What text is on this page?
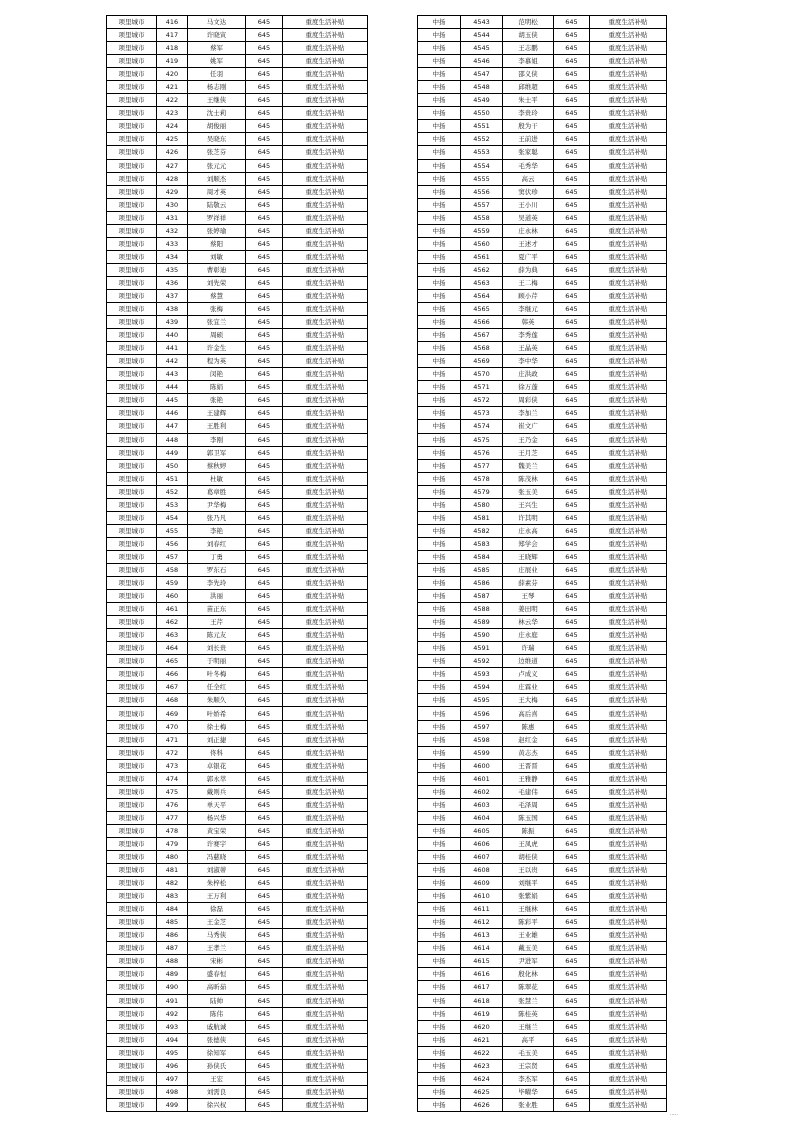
项里城市	416	马文达	645	重度生活补贴
项里城市	417	许晓寅	645	重度生活补贴
项里城市	418	蔡军	645	重度生活补贴
项里城市	419	姚军	645	重度生活补贴
项里城市	420	任羽	645	重度生活补贴
项里城市	421	杨志刚	645	重度生活补贴
项里城市	422	王继侠	645	重度生活补贴
项里城市	423	沈士莉	645	重度生活补贴
项里城市	424	胡俊丽	645	重度生活补贴
项里城市	425	吴晓东	645	重度生活补贴
项里城市	426	张芝芬	645	重度生活补贴
项里城市	427	张元元	645	重度生活补贴
项里城市	428	刘顺杰	645	重度生活补贴
项里城市	429	周才英	645	重度生活补贴
项里城市	430	陆敬云	645	重度生活补贴
项里城市	431	罗祥祥	645	重度生活补贴
项里城市	432	张婷瑜	645	重度生活补贴
项里城市	433	蔡阳	645	重度生活补贴
项里城市	434	刘敏	645	重度生活补贴
项里城市	435	曹彰迪	645	重度生活补贴
项里城市	436	刘先荣	645	重度生活补贴
项里城市	437	蔡慧	645	重度生活补贴
项里城市	438	张梅	645	重度生活补贴
项里城市	439	张宜兰	645	重度生活补贴
项里城市	440	周硕	645	重度生活补贴
项里城市	441	许金生	645	重度生活补贴
项里城市	442	程为英	645	重度生活补贴
项里城市	443	闵艳	645	重度生活补贴
项里城市	444	陈娟	645	重度生活补贴
项里城市	445	张艳	645	重度生活补贴
项里城市	446	王建辉	645	重度生活补贴
项里城市	447	王胜利	645	重度生活补贴
项里城市	448	李刚	645	重度生活补贴
项里城市	449	郭卫军	645	重度生活补贴
项里城市	450	蔡秋婷	645	重度生活补贴
项里城市	451	杜敏	645	重度生活补贴
项里城市	452	葛章胜	645	重度生活补贴
项里城市	453	尹华梅	645	重度生活补贴
项里城市	454	张乃凡	645	重度生活补贴
项里城市	455	李艳	645	重度生活补贴
项里城市	456	刘春红	645	重度生活补贴
项里城市	457	丁勇	645	重度生活补贴
项里城市	458	罗东石	645	重度生活补贴
项里城市	459	李先玲	645	重度生活补贴
项里城市	460	洪丽	645	重度生活补贴
项里城市	461	苗正东	645	重度生活补贴
项里城市	462	王芹	645	重度生活补贴
项里城市	463	陈元友	645	重度生活补贴
项里城市	464	刘长贵	645	重度生活补贴
项里城市	465	于明丽	645	重度生活补贴
项里城市	466	叶冬梅	645	重度生活补贴
项里城市	467	任全红	645	重度生活补贴
项里城市	468	朱顺久	645	重度生活补贴
项里城市	469	叶娇希	645	重度生活补贴
项里城市	470	徐士梅	645	重度生活补贴
项里城市	471	刘正捷	645	重度生活补贴
项里城市	472	佟科	645	重度生活补贴
项里城市	473	卓银花	645	重度生活补贴
项里城市	474	郭永萃	645	重度生活补贴
项里城市	475	戴则兵	645	重度生活补贴
项里城市	476	单天平	645	重度生活补贴
项里城市	477	杨兴华	645	重度生活补贴
项里城市	478	黄宝荣	645	重度生活补贴
项里城市	479	许赛宇	645	重度生活补贴
项里城市	480	冯慈晓	645	重度生活补贴
项里城市	481	刘淑蒂	645	重度生活补贴
项里城市	482	朱梓松	645	重度生活补贴
项里城市	483	王万利	645	重度生活补贴
项里城市	484	徐磊	645	重度生活补贴
项里城市	485	王金芝	645	重度生活补贴
项里城市	486	马秀侠	645	重度生活补贴
项里城市	487	王孝兰	645	重度生活补贴
项里城市	488	宋彬	645	重度生活补贴
项里城市	489	盛春恒	645	重度生活补贴
项里城市	490	高昕茹	645	重度生活补贴
项里城市	491	陆帅	645	重度生活补贴
项里城市	492	陈伟	645	重度生活补贴
项里城市	493	戚航诚	645	重度生活补贴
项里城市	494	张德侠	645	重度生活补贴
项里城市	495	徐知军	645	重度生活补贴
项里城市	496	孙侠氏	645	重度生活补贴
项里城市	497	王宏	645	重度生活补贴
项里城市	498	刘需良	645	重度生活补贴
项里城市	499	徐兴权	645	重度生活补贴
中扬	4543	范明松	645	重度生活补贴
中扬	4544	胡玉侠	645	重度生活补贴
中扬	4545	王志鹏	645	重度生活补贴
中扬	4546	李慕姐	645	重度生活补贴
中扬	4547	邵义侠	645	重度生活补贴
中扬	4548	邱维超	645	重度生活补贴
中扬	4549	朱士平	645	重度生活补贴
中扬	4550	李贵玲	645	重度生活补贴
中扬	4551	殷为干	645	重度生活补贴
中扬	4552	王前进	645	重度生活补贴
中扬	4553	张家聪	645	重度生活补贴
中扬	4554	毛秀华	645	重度生活补贴
中扬	4555	高云	645	重度生活补贴
中扬	4556	窦伏珍	645	重度生活补贴
中扬	4557	王小川	645	重度生活补贴
中扬	4558	吴道英	645	重度生活补贴
中扬	4559	庄永林	645	重度生活补贴
中扬	4560	王述才	645	重度生活补贴
中扬	4561	夏广平	645	重度生活补贴
中扬	4562	薛为典	645	重度生活补贴
中扬	4563	王二梅	645	重度生活补贴
中扬	4564	顾小芹	645	重度生活补贴
中扬	4565	李继元	645	重度生活补贴
中扬	4566	韩英	645	重度生活补贴
中扬	4567	李秀莲	645	重度生活补贴
中扬	4568	王晶英	645	重度生活补贴
中扬	4569	李中华	645	重度生活补贴
中扬	4570	庄洪政	645	重度生活补贴
中扬	4571	徐万蓬	645	重度生活补贴
中扬	4572	周彩侠	645	重度生活补贴
中扬	4573	李加兰	645	重度生活补贴
中扬	4574	崔文广	645	重度生活补贴
中扬	4575	王乃金	645	重度生活补贴
中扬	4576	王月芝	645	重度生活补贴
中扬	4577	魏美兰	645	重度生活补贴
中扬	4578	陈茂林	645	重度生活补贴
中扬	4579	张玉美	645	重度生活补贴
中扬	4580	王兴生	645	重度生活补贴
中扬	4581	许其明	645	重度生活补贴
中扬	4582	庄永高	645	重度生活补贴
中扬	4583	郑学会	645	重度生活补贴
中扬	4584	王晓辉	645	重度生活补贴
中扬	4585	庄展业	645	重度生活补贴
中扬	4586	薛素芬	645	重度生活补贴
中扬	4587	王琴	645	重度生活补贴
中扬	4588	姜田明	645	重度生活补贴
中扬	4589	林云华	645	重度生活补贴
中扬	4590	庄永庭	645	重度生活补贴
中扬	4591	许瑞	645	重度生活补贴
中扬	4592	边维道	645	重度生活补贴
中扬	4593	卢成义	645	重度生活补贴
中扬	4594	庄霖业	645	重度生活补贴
中扬	4595	王大梅	645	重度生活补贴
中扬	4596	高后喜	645	重度生活补贴
中扬	4597	陈惠	645	重度生活补贴
中扬	4598	赵红金	645	重度生活补贴
中扬	4599	黄志杰	645	重度生活补贴
中扬	4600	王晋晋	645	重度生活补贴
中扬	4601	王雅静	645	重度生活补贴
中扬	4602	毛建伟	645	重度生活补贴
中扬	4603	毛泽周	645	重度生活补贴
中扬	4604	陈玉国	645	重度生活补贴
中扬	4605	陈振	645	重度生活补贴
中扬	4606	王凤虎	645	重度生活补贴
中扬	4607	胡桂侠	645	重度生活补贴
中扬	4608	王以贵	645	重度生活补贴
中扬	4609	刘继平	645	重度生活补贴
中扬	4610	张紫娟	645	重度生活补贴
中扬	4611	王继林	645	重度生活补贴
中扬	4612	陈彩平	645	重度生活补贴
中扬	4613	王业雄	645	重度生活补贴
中扬	4614	戴玉美	645	重度生活补贴
中扬	4615	尹进军	645	重度生活补贴
中扬	4616	殷化林	645	重度生活补贴
中扬	4617	陈翠花	645	重度生活补贴
中扬	4618	张慧兰	645	重度生活补贴
中扬	4619	陈桂英	645	重度生活补贴
中扬	4620	王继兰	645	重度生活补贴
中扬	4621	高平	645	重度生活补贴
中扬	4622	毛玉美	645	重度生活补贴
中扬	4623	王宗贤	645	重度生活补贴
中扬	4624	李杰军	645	重度生活补贴
中扬	4625	毕曜华	645	重度生活补贴
中扬	4626	张业胜	645	重度生活补贴
.....
